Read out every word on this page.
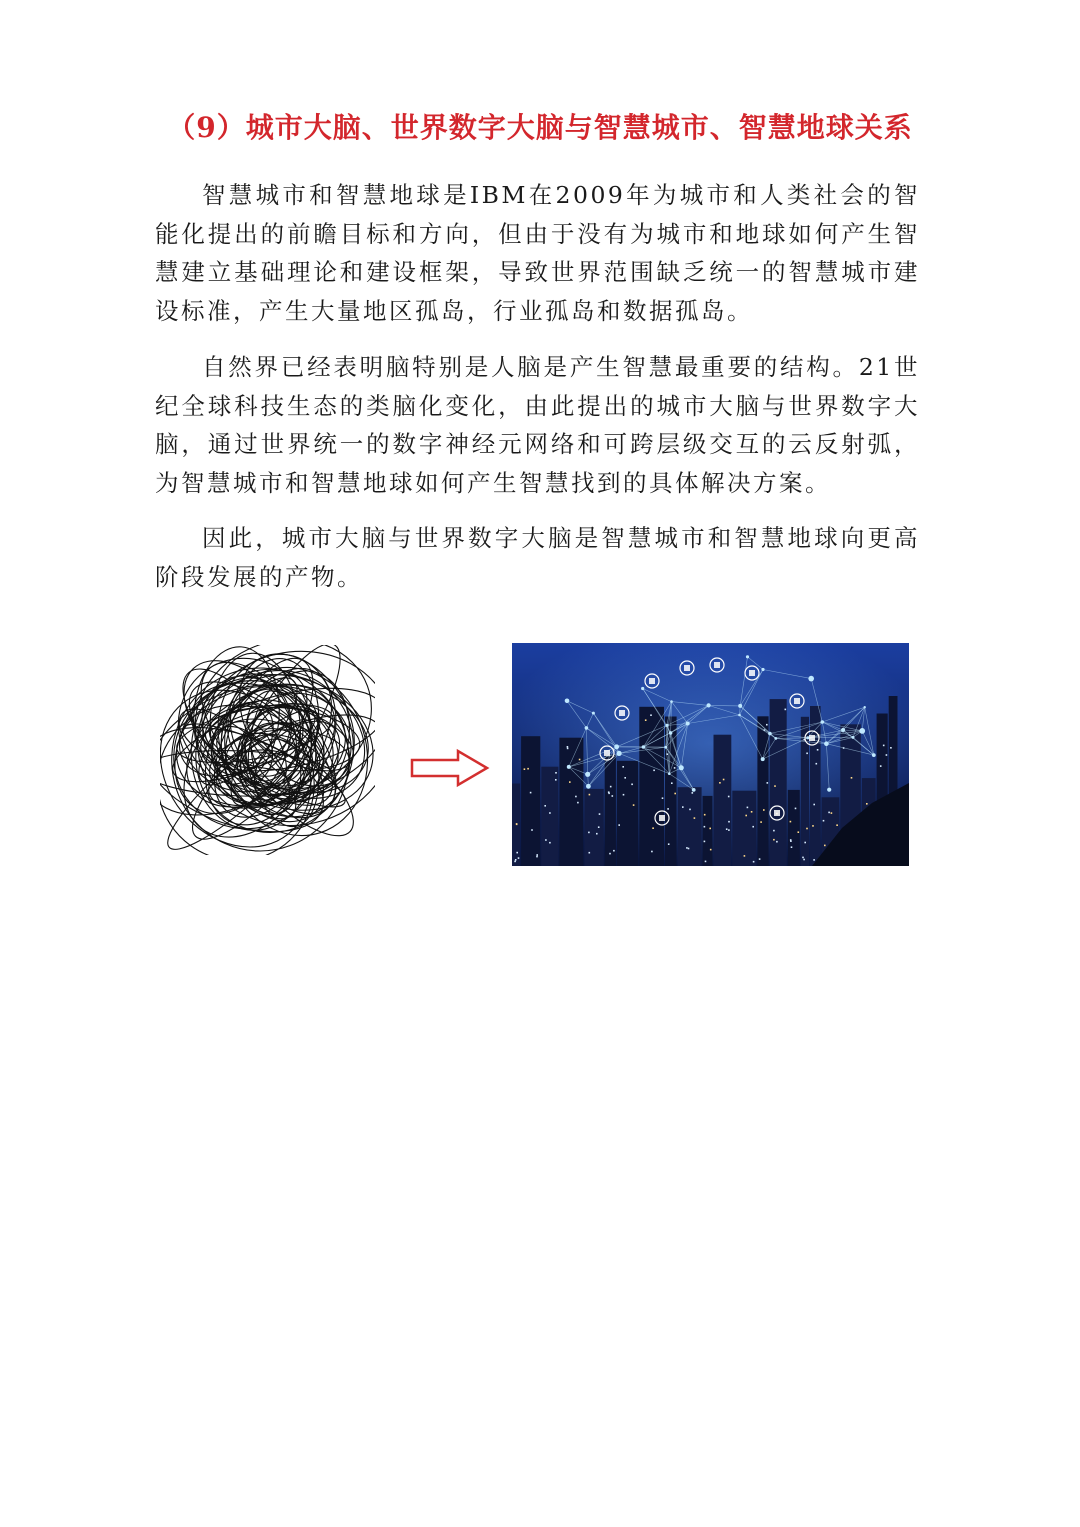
（9）城市大脑、世界数字大脑与智慧城市、智慧地球关系

智慧城市和智慧地球是IBM在2009年为城市和人类社会的智能化提出的前瞻目标和方向，但由于没有为城市和地球如何产生智慧建立基础理论和建设框架，导致世界范围缺乏统一的智慧城市建设标准，产生大量地区孤岛，行业孤岛和数据孤岛。

自然界已经表明脑特别是人脑是产生智慧最重要的结构。21世纪全球科技生态的类脑化变化，由此提出的城市大脑与世界数字大脑，通过世界统一的数字神经元网络和可跨层级交互的云反射弧，为智慧城市和智慧地球如何产生智慧找到的具体解决方案。

因此，城市大脑与世界数字大脑是智慧城市和智慧地球向更高阶段发展的产物。
